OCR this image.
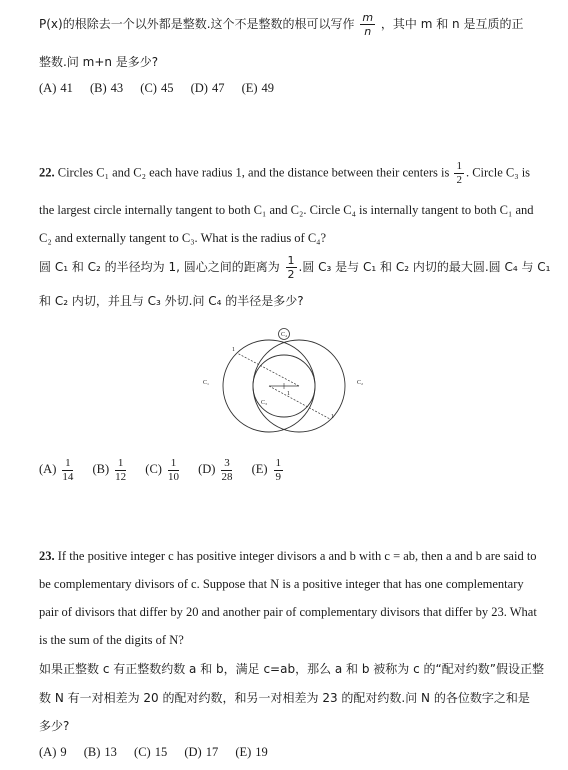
P(x)的根除去一个以外都是整数.这个不是整数的根可以写作 $\frac{m}{n}$ ，其中 m 和 n 是互质的正
整数.问 m+n 是多少?
(A) 41 (B) 43 (C) 45 (D) 47 (E) 49
22. Circles C₁ and C₂ each have radius 1, and the distance between their centers is $\frac{1}{2}$ . Circle C₃ is
the largest circle internally tangent to both C₁ and C₂. Circle C₄ is internally tangent to both C₁ and
C₂ and externally tangent to C₃. What is the radius of C₄?
圆 C₁ 和 C₂ 的半径均为 1, 圆心之间的距离为 $\frac{1}{2}$ .圆 C₃ 是与 C₁ 和 C₂ 内切的最大圆.圆 C₄ 与 C₁
和 C₂ 内切，并且与 C₃ 外切.问 C₄ 的半径是多少?
C₄
C₁	C₂
C₃
1
1
1
$(A) \frac{1}{14} (B) \frac{1}{12} (C) \frac{1}{10} (D) \frac{3}{28} (E) \frac{1}{9}$
23. If the positive integer c has positive integer divisors a and b with c = ab, then a and b are said to
be complementary divisors of c. Suppose that N is a positive integer that has one complementary
pair of divisors that differ by 20 and another pair of complementary divisors that differ by 23. What
is the sum of the digits of N?
如果正整数 c 有正整数约数 a 和 b，满足 c=ab，那么 a 和 b 被称为 c 的“配对约数”假设正整
数 N 有一对相差为 20 的配对约数，和另一对相差为 23 的配对约数.问 N 的各位数字之和是
多少?
(A) 9 (B) 13 (C) 15 (D) 17 (E) 19
